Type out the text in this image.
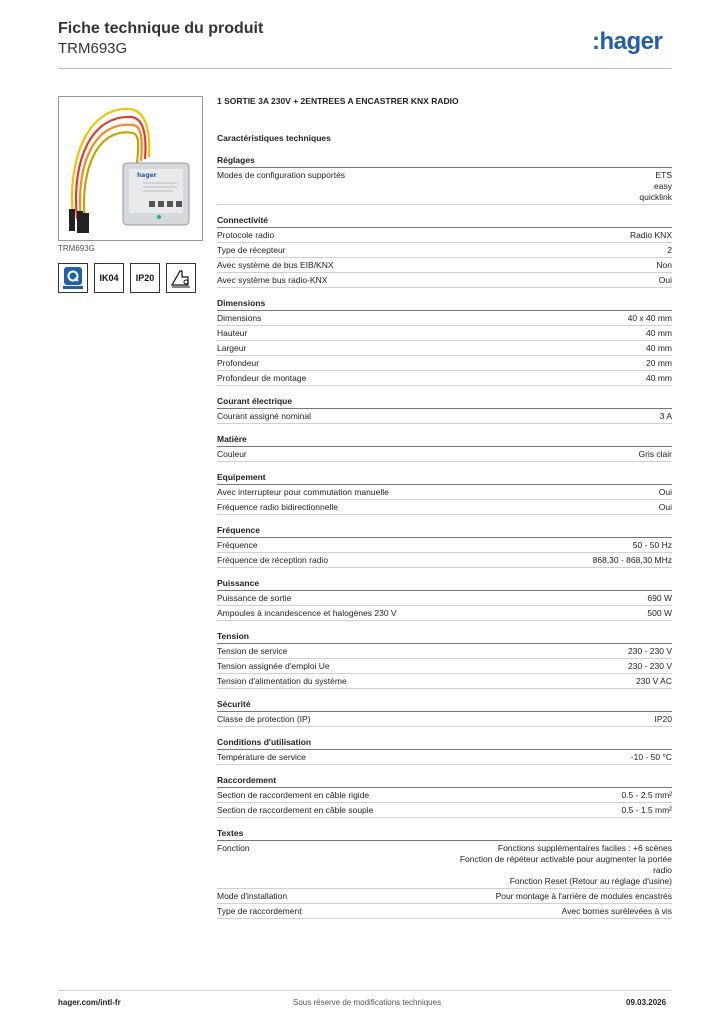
Fiche technique du produit
TRM693G	:hager
hager
TRM693G
IK04	IP20
1 SORTIE 3A 230V + 2ENTREES A ENCASTRER KNX RADIO
Caractéristiques techniques
Réglages
Modes de configuration supportés	ETS
easy
quicklink
Connectivité
Protocole radio	Radio KNX
Type de récepteur	2
Avec système de bus EIB/KNX	Non
Avec système bus radio-KNX	Oui
Dimensions
Dimensions	40 x 40 mm
Hauteur	40 mm
Largeur	40 mm
Profondeur	20 mm
Profondeur de montage	40 mm
Courant électrique
Courant assigné nominal	3 A
Matière
Couleur	Gris clair
Equipement
Avec interrupteur pour commutation manuelle	Oui
Fréquence radio bidirectionnelle	Oui
Fréquence
Fréquence	50 - 50 Hz
Fréquence de réception radio	868,30 - 868,30 MHz
Puissance
Puissance de sortie	690 W
Ampoules à incandescence et halogènes 230 V	500 W
Tension
Tension de service	230 - 230 V
Tension assignée d'emploi Ue	230 - 230 V
Tension d'alimentation du système	230 V AC
Sécurité
Classe de protection (IP)	IP20
Conditions d'utilisation
Température de service	-10 - 50 °C
Raccordement
Section de raccordement en câble rigide	0.5 - 2.5 mm²
Section de raccordement en câble souple	0.5 - 1.5 mm²
Textes
Fonction	Fonctions supplémentaires faciles : +6 scènes
Fonction de répéteur activable pour augmenter la portée
radio
Fonction Reset (Retour au réglage d'usine)
Mode d'installation	Pour montage à l'arrière de modules encastrés
Type de raccordement	Avec bornes surélevées à vis
hager.com/intl-fr	Sous réserve de modifications techniques	09.03.2026
